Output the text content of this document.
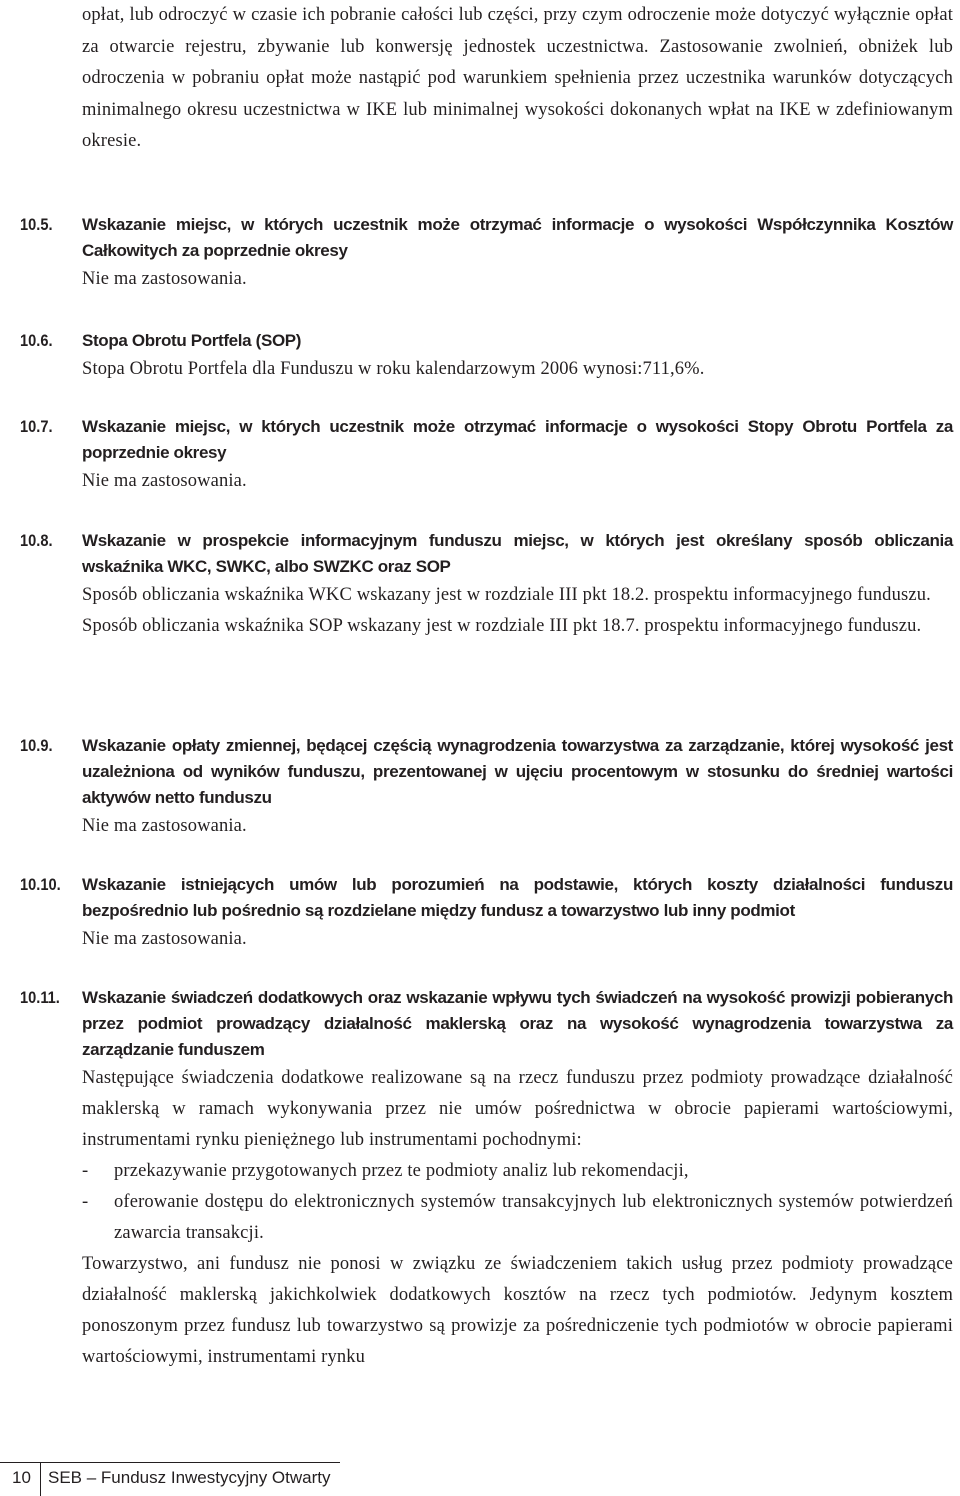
opłat, lub odroczyć w czasie ich pobranie całości lub części, przy czym odroczenie może dotyczyć wyłącznie opłat za otwarcie rejestru, zbywanie lub konwersję jednostek uczestnictwa. Zastosowanie zwolnień, obniżek lub odroczenia w pobraniu opłat może nastąpić pod warunkiem spełnienia przez uczestnika warunków dotyczących minimalnego okresu uczestnictwa w IKE lub minimalnej wysokości dokonanych wpłat na IKE w zdefiniowanym okresie.

10.5. Wskazanie miejsc, w których uczestnik może otrzymać informacje o wysokości Współczynnika Kosztów Całkowitych za poprzednie okresy

Nie ma zastosowania.

10.6. Stopa Obrotu Portfela (SOP)

Stopa Obrotu Portfela dla Funduszu w roku kalendarzowym 2006 wynosi:711,6%.

10.7. Wskazanie miejsc, w których uczestnik może otrzymać informacje o wysokości Stopy Obrotu Portfela za poprzednie okresy

Nie ma zastosowania.

10.8. Wskazanie w prospekcie informacyjnym funduszu miejsc, w których jest określany sposób obliczania wskaźnika WKC, SWKC, albo SWZKC oraz SOP

Sposób obliczania wskaźnika WKC wskazany jest w rozdziale III pkt 18.2. prospektu informacyjnego funduszu.

Sposób obliczania wskaźnika SOP wskazany jest w rozdziale III pkt 18.7. prospektu informacyjnego funduszu.

10.9. Wskazanie opłaty zmiennej, będącej częścią wynagrodzenia towarzystwa za zarządzanie, której wysokość jest uzależniona od wyników funduszu, prezentowanej w ujęciu procentowym w stosunku do średniej wartości aktywów netto funduszu

Nie ma zastosowania.

10.10. Wskazanie istniejących umów lub porozumień na podstawie, których koszty działalności funduszu bezpośrednio lub pośrednio są rozdzielane między fundusz a towarzystwo lub inny podmiot

Nie ma zastosowania.

10.11. Wskazanie świadczeń dodatkowych oraz wskazanie wpływu tych świadczeń na wysokość prowizji pobieranych przez podmiot prowadzący działalność maklerską oraz na wysokość wynagrodzenia towarzystwa za zarządzanie funduszem

Następujące świadczenia dodatkowe realizowane są na rzecz funduszu przez podmioty prowadzące działalność maklerską w ramach wykonywania przez nie umów pośrednictwa w obrocie papierami wartościowymi, instrumentami rynku pieniężnego lub instrumentami pochodnymi:

- przekazywanie przygotowanych przez te podmioty analiz lub rekomendacji,
- oferowanie dostępu do elektronicznych systemów transakcyjnych lub elektronicznych systemów potwierdzeń zawarcia transakcji.

Towarzystwo, ani fundusz nie ponosi w związku ze świadczeniem takich usług przez podmioty prowadzące działalność maklerską jakichkolwiek dodatkowych kosztów na rzecz tych podmiotów. Jedynym kosztem ponoszonym przez fundusz lub towarzystwo są prowizje za pośredniczenie tych podmiotów w obrocie papierami wartościowymi, instrumentami rynku

10 SEB – Fundusz Inwestycyjny Otwarty
